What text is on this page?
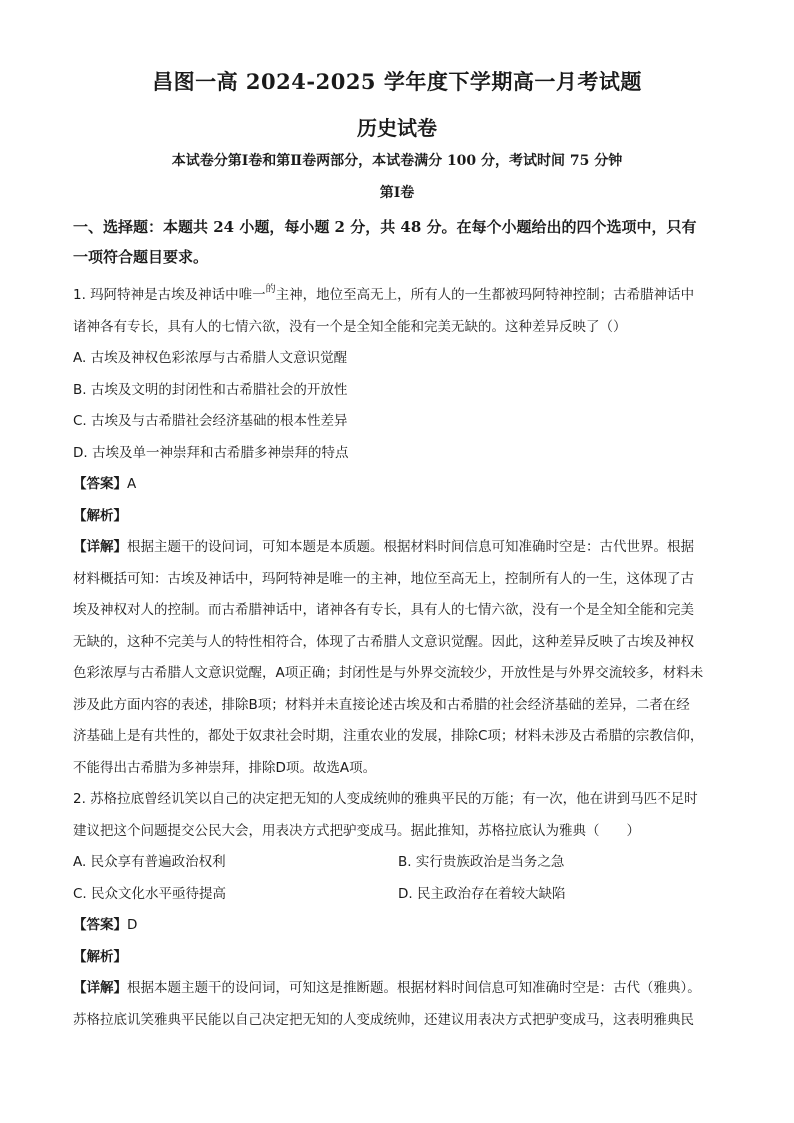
昌图一高 2024-2025 学年度下学期高一月考试题
历史试卷
本试卷分第Ⅰ卷和第Ⅱ卷两部分，本试卷满分 100 分，考试时间 75 分钟
第Ⅰ卷
一、选择题：本题共 24 小题，每小题 2 分，共 48 分。在每个小题给出的四个选项中，只有
一项符合题目要求。
1. 玛阿特神是古埃及神话中唯一$^的$主神，地位至高无上，所有人的一生都被玛阿特神控制；古希腊神话中
诸神各有专长，具有人的七情六欲，没有一个是全知全能和完美无缺的。这种差异反映了（）
A. 古埃及神权色彩浓厚与古希腊人文意识觉醒
B. 古埃及文明的封闭性和古希腊社会的开放性
C. 古埃及与古希腊社会经济基础的根本性差异
D. 古埃及单一神崇拜和古希腊多神崇拜的特点
【答案】A
【解析】
【详解】根据主题干的设问词，可知本题是本质题。根据材料时间信息可知准确时空是：古代世界。根据
材料概括可知：古埃及神话中，玛阿特神是唯一的主神，地位至高无上，控制所有人的一生，这体现了古
埃及神权对人的控制。而古希腊神话中，诸神各有专长，具有人的七情六欲，没有一个是全知全能和完美
无缺的，这种不完美与人的特性相符合，体现了古希腊人文意识觉醒。因此，这种差异反映了古埃及神权
色彩浓厚与古希腊人文意识觉醒，A项正确；封闭性是与外界交流较少，开放性是与外界交流较多，材料未
涉及此方面内容的表述，排除B项；材料并未直接论述古埃及和古希腊的社会经济基础的差异，二者在经
济基础上是有共性的，都处于奴隶社会时期，注重农业的发展，排除C项；材料未涉及古希腊的宗教信仰，
不能得出古希腊为多神崇拜，排除D项。故选A项。
2. 苏格拉底曾经讥笑以自己的决定把无知的人变成统帅的雅典平民的万能；有一次，他在讲到马匹不足时
建议把这个问题提交公民大会，用表决方式把驴变成马。据此推知，苏格拉底认为雅典（　　）
A. 民众享有普遍政治权利	B. 实行贵族政治是当务之急
C. 民众文化水平亟待提高	D. 民主政治存在着较大缺陷
【答案】D
【解析】
【详解】根据本题主题干的设问词，可知这是推断题。根据材料时间信息可知准确时空是：古代（雅典）。
苏格拉底讥笑雅典平民能以自己决定把无知的人变成统帅，还建议用表决方式把驴变成马，这表明雅典民
